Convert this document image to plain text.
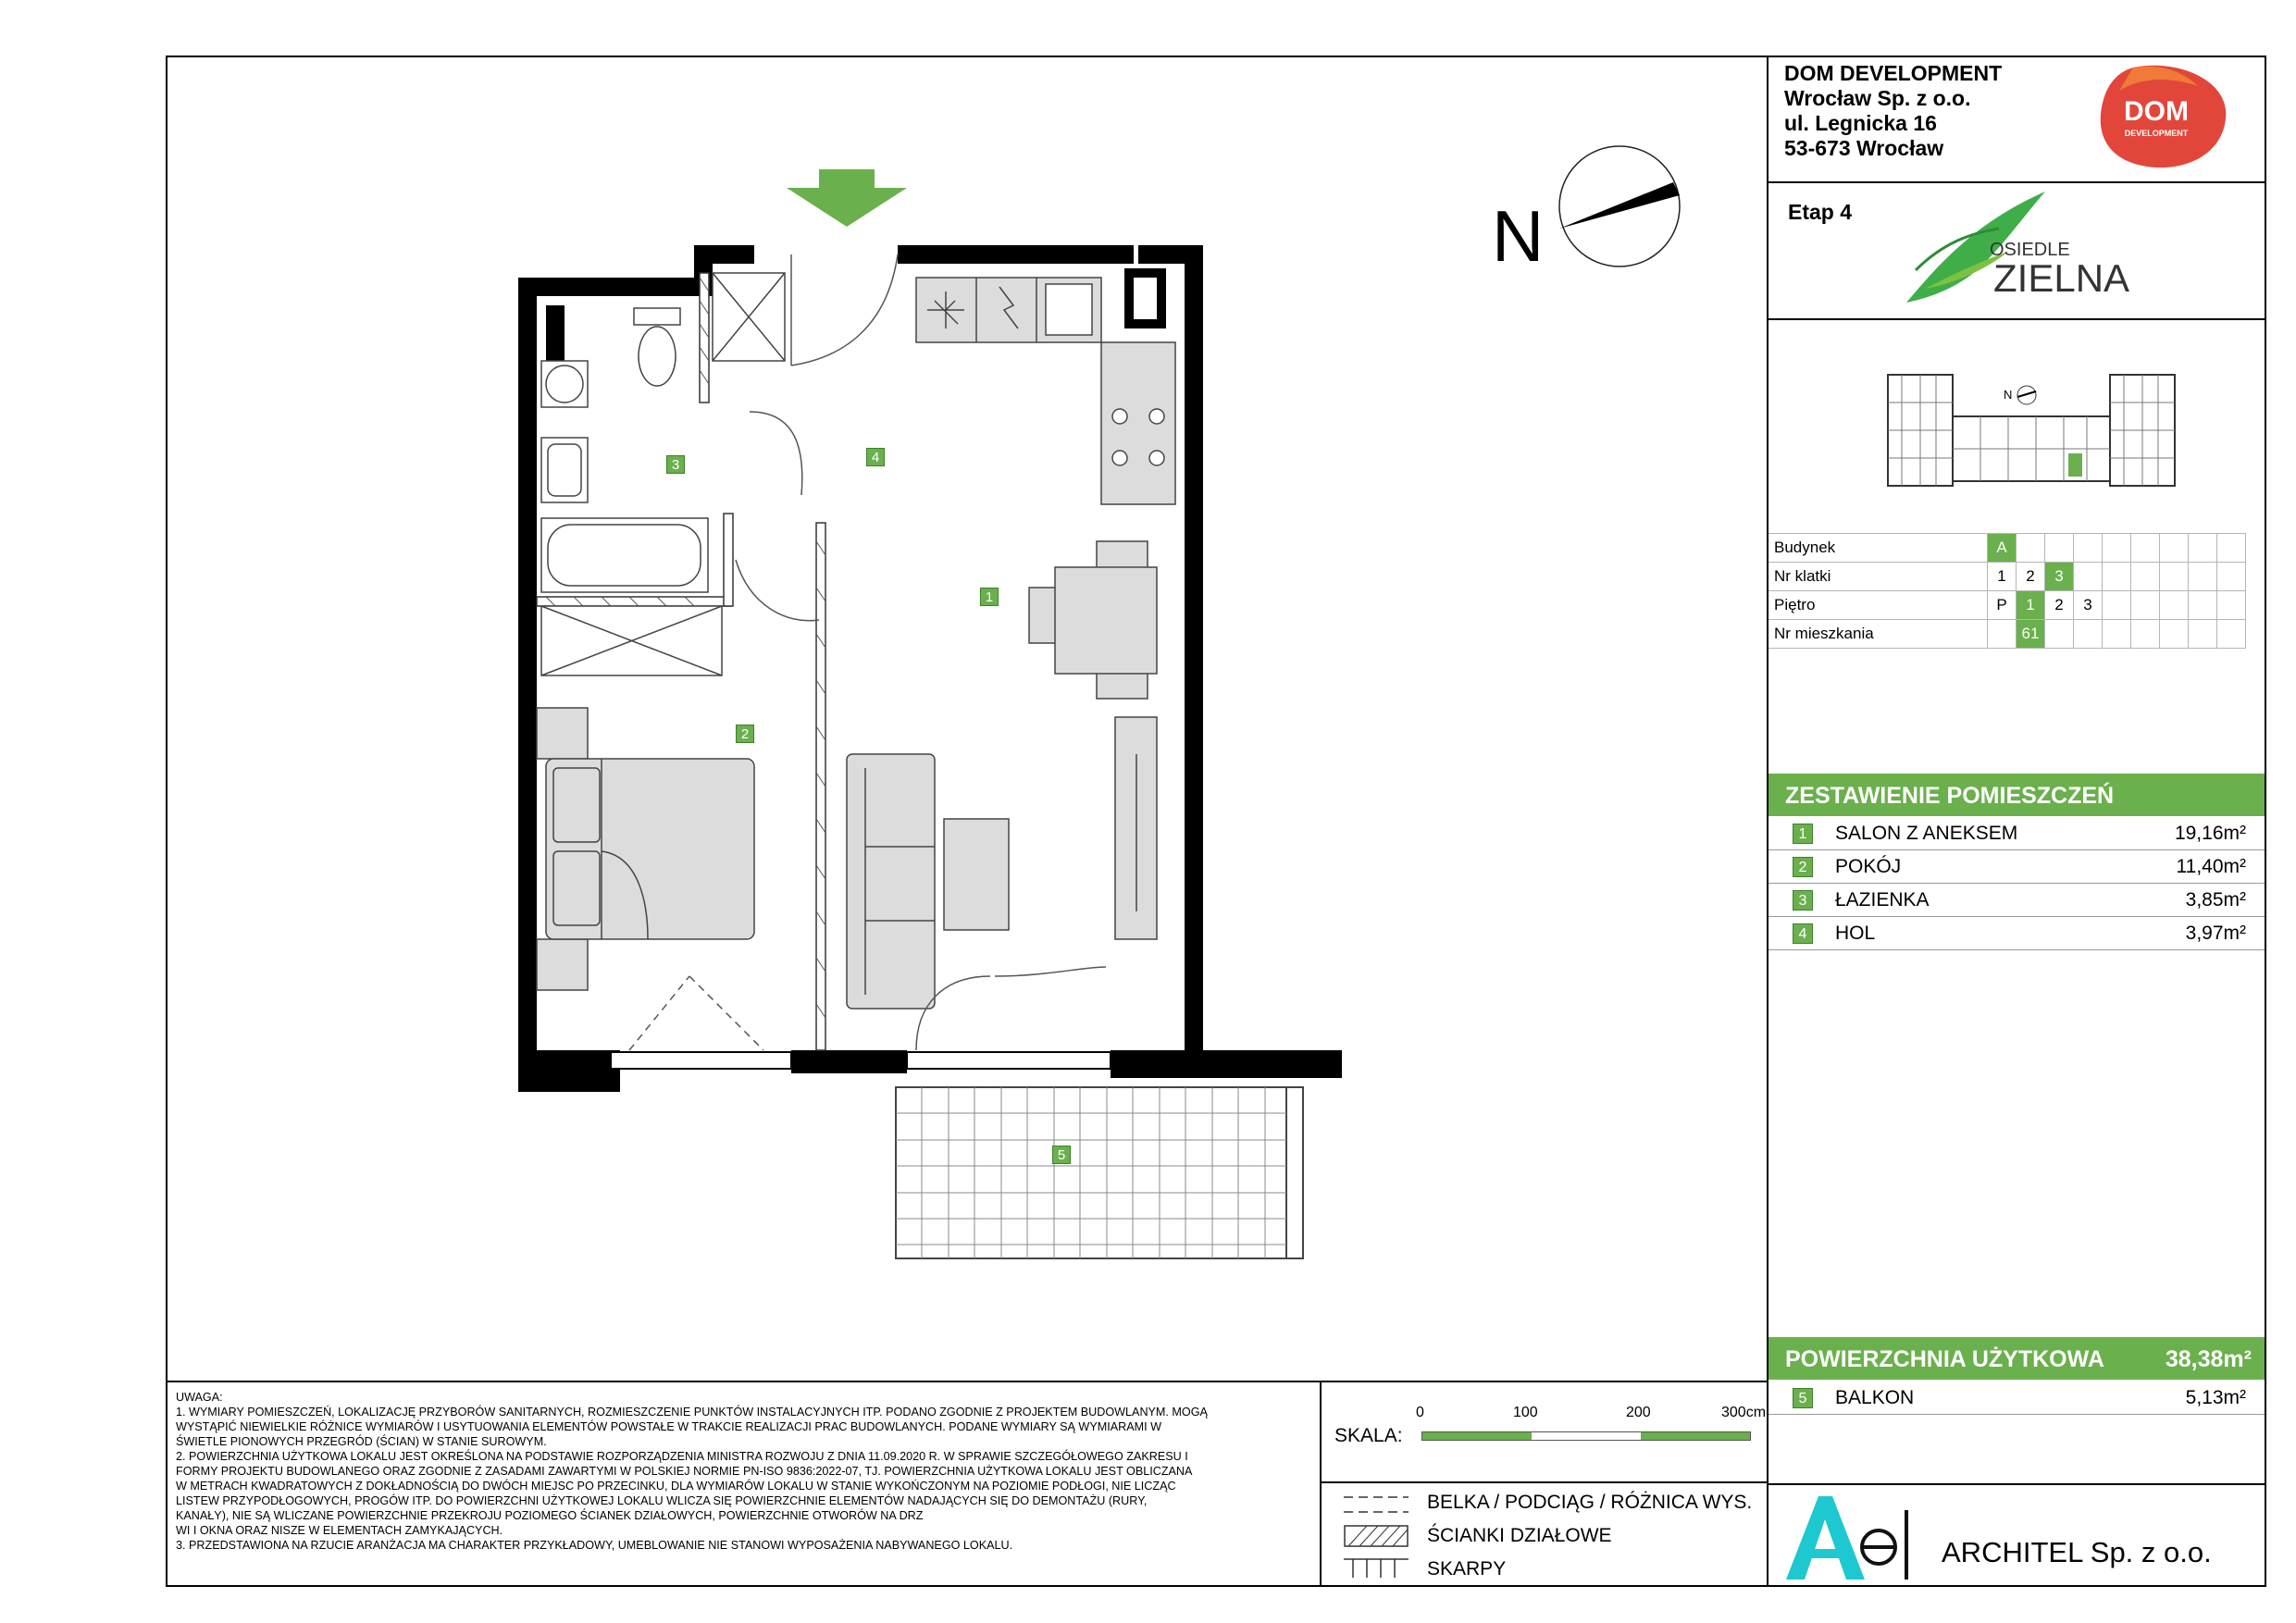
DOM DEVELOPMENT
Wrocław Sp. z o.o.
ul. Legnicka 16
53-673 Wrocław
DOM
DEVELOPMENT
Etap 4
OSIEDLE
ZIELNA
N
Budynek	A								
Nr klatki	1	2	3						
Piętro	P	1	2	3					
Nr mieszkania		61							
ZESTAWIENIE POMIESZCZEŃ
1	SALON Z ANEKSEM	19,16m²
2	POKÓJ	11,40m²
3	ŁAZIENKA	3,85m²
4	HOL	3,97m²
POWIERZCHNIA UŻYTKOWA	38,38m²
5	BALKON	5,13m²
ARCHITEL Sp. z o.o.
UWAGA:
1. WYMIARY POMIESZCZEŃ, LOKALIZACJĘ PRZYBORÓW SANITARNYCH, ROZMIESZCZENIE PUNKTÓW INSTALACYJNYCH ITP. PODANO ZGODNIE Z PROJEKTEM BUDOWLANYM. MOGĄ
WYSTĄPIĆ NIEWIELKIE RÓŻNICE WYMIARÓW I USYTUOWANIA ELEMENTÓW POWSTAŁE W TRAKCIE REALIZACJI PRAC BUDOWLANYCH. PODANE WYMIARY SĄ WYMIARAMI W
ŚWIETLE PIONOWYCH PRZEGRÓD (ŚCIAN) W STANIE SUROWYM.
2. POWIERZCHNIA UŻYTKOWA LOKALU JEST OKREŚLONA NA PODSTAWIE ROZPORZĄDZENIA MINISTRA ROZWOJU Z DNIA 11.09.2020 R. W SPRAWIE SZCZEGÓŁOWEGO ZAKRESU I
FORMY PROJEKTU BUDOWLANEGO ORAZ ZGODNIE Z ZASADAMI ZAWARTYMI W POLSKIEJ NORMIE PN-ISO 9836:2022-07, TJ. POWIERZCHNIA UŻYTKOWA LOKALU JEST OBLICZANA
W METRACH KWADRATOWYCH Z DOKŁADNOŚCIĄ DO DWÓCH MIEJSC PO PRZECINKU, DLA WYMIARÓW LOKALU W STANIE WYKOŃCZONYM NA POZIOMIE PODŁOGI, NIE LICZĄC
LISTEW PRZYPODŁOGOWYCH, PROGÓW ITP. DO POWIERZCHNI UŻYTKOWEJ LOKALU WLICZA SIĘ POWIERZCHNIE ELEMENTÓW NADAJĄCYCH SIĘ DO DEMONTAŻU (RURY,
KANAŁY), NIE SĄ WLICZANE POWIERZCHNIE PRZEKROJU POZIOMEGO ŚCIANEK DZIAŁOWYCH, POWIERZCHNIE OTWORÓW NA DRZ
WI I OKNA ORAZ NISZE W ELEMENTACH ZAMYKAJĄCYCH.
3. PRZEDSTAWIONA NA RZUCIE ARANŻACJA MA CHARAKTER PRZYKŁADOWY, UMEBLOWANIE NIE STANOWI WYPOSAŻENIA NABYWANEGO LOKALU.
SKALA:
0	100	200	300cm
BELKA / PODCIĄG / RÓŻNICA WYS.
ŚCIANKI DZIAŁOWE
SKARPY
N
1
2
3	4
5
